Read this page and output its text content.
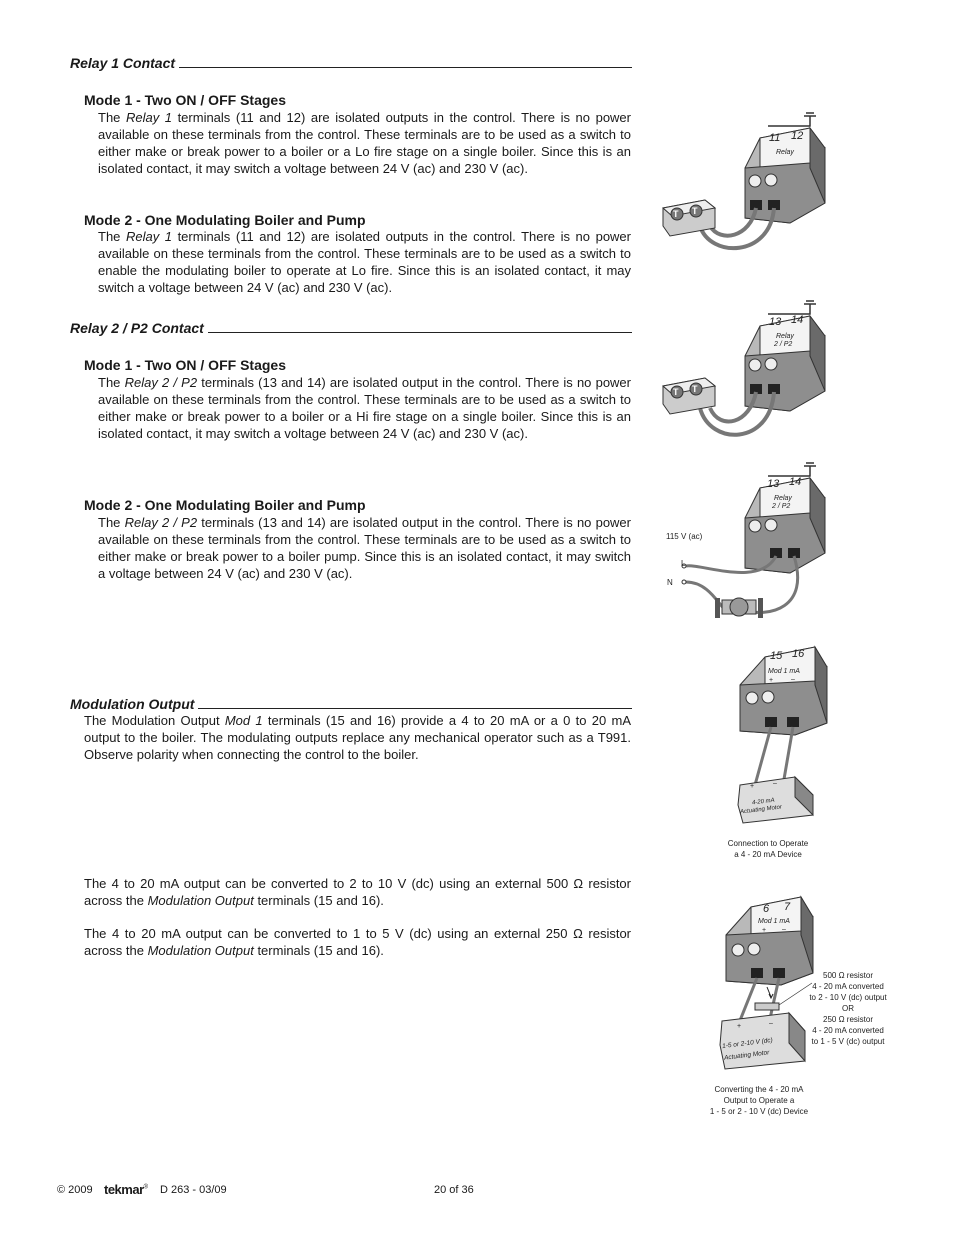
Relay 1 Contact
Mode 1 - Two ON / OFF Stages
The Relay 1 terminals (11 and 12) are isolated outputs in the control. There is no power available on these terminals from the control. These terminals are to be used as a switch to either make or break power to a boiler or a Lo fire stage on a single boiler. Since this is an isolated contact, it may switch a voltage between 24 V (ac) and 230 V (ac).
Mode 2 - One Modulating Boiler and Pump
The Relay 1 terminals (11 and 12) are isolated outputs in the control. There is no power available on these terminals from the control. These terminals are to be used as a switch to enable the modulating boiler to operate at Lo fire. Since this is an isolated contact, it may switch a voltage between 24 V (ac) and 230 V (ac).
Relay 2 / P2 Contact
Mode 1 - Two ON / OFF Stages
The Relay 2 / P2 terminals (13 and 14) are isolated output in the control. There is no power available on these terminals from the control. These terminals are to be used as a switch to either make or break power to a boiler or a Hi fire stage on a single boiler. Since this is an isolated contact, it may switch a voltage between 24 V (ac) and 230 V (ac).
Mode 2 - One Modulating Boiler and Pump
The Relay 2 / P2 terminals (13 and 14) are isolated output in the control. There is no power available on these terminals from the control. These terminals are to be used as a switch to either make or break power to a boiler pump. Since this is an isolated contact, it may switch a voltage between 24 V (ac) and 230 V (ac).
Modulation Output
The Modulation Output Mod 1 terminals (15 and 16) provide a 4 to 20 mA or a 0 to 20 mA output to the boiler. The modulating outputs replace any mechanical operator such as a T991. Observe polarity when connecting the control to the boiler.
The 4 to 20 mA output can be converted to 2 to 10 V (dc) using an external 500 Ω resistor across the Modulation Output terminals (15 and 16).
The 4 to 20 mA output can be converted to 1 to 5 V (dc) using an external 250 Ω resistor across the Modulation Output terminals (15 and 16).
T T
11 12
Relay
T T
13 14
Relay
2 / P2
13 14
Relay
2 / P2
115 V (ac)
L
N
15 16
Mod 1 mA
+	–
+	–
4-20 mA
Actuating Motor
Connection to Operate
a 4 - 20 mA Device
6 7
Mod 1 mA
+ –
+	–
1-5 or 2-10 V (dc)
Actuating Motor
500 Ω resistor
4 - 20 mA converted
to 2 - 10 V (dc) output
OR
250 Ω resistor
4 - 20 mA converted
to 1 - 5 V (dc) output
Converting the 4 - 20 mA
Output to Operate a
1 - 5 or 2 - 10 V (dc) Device
© 2009 tekmar® D 263 - 03/09	20 of 36
